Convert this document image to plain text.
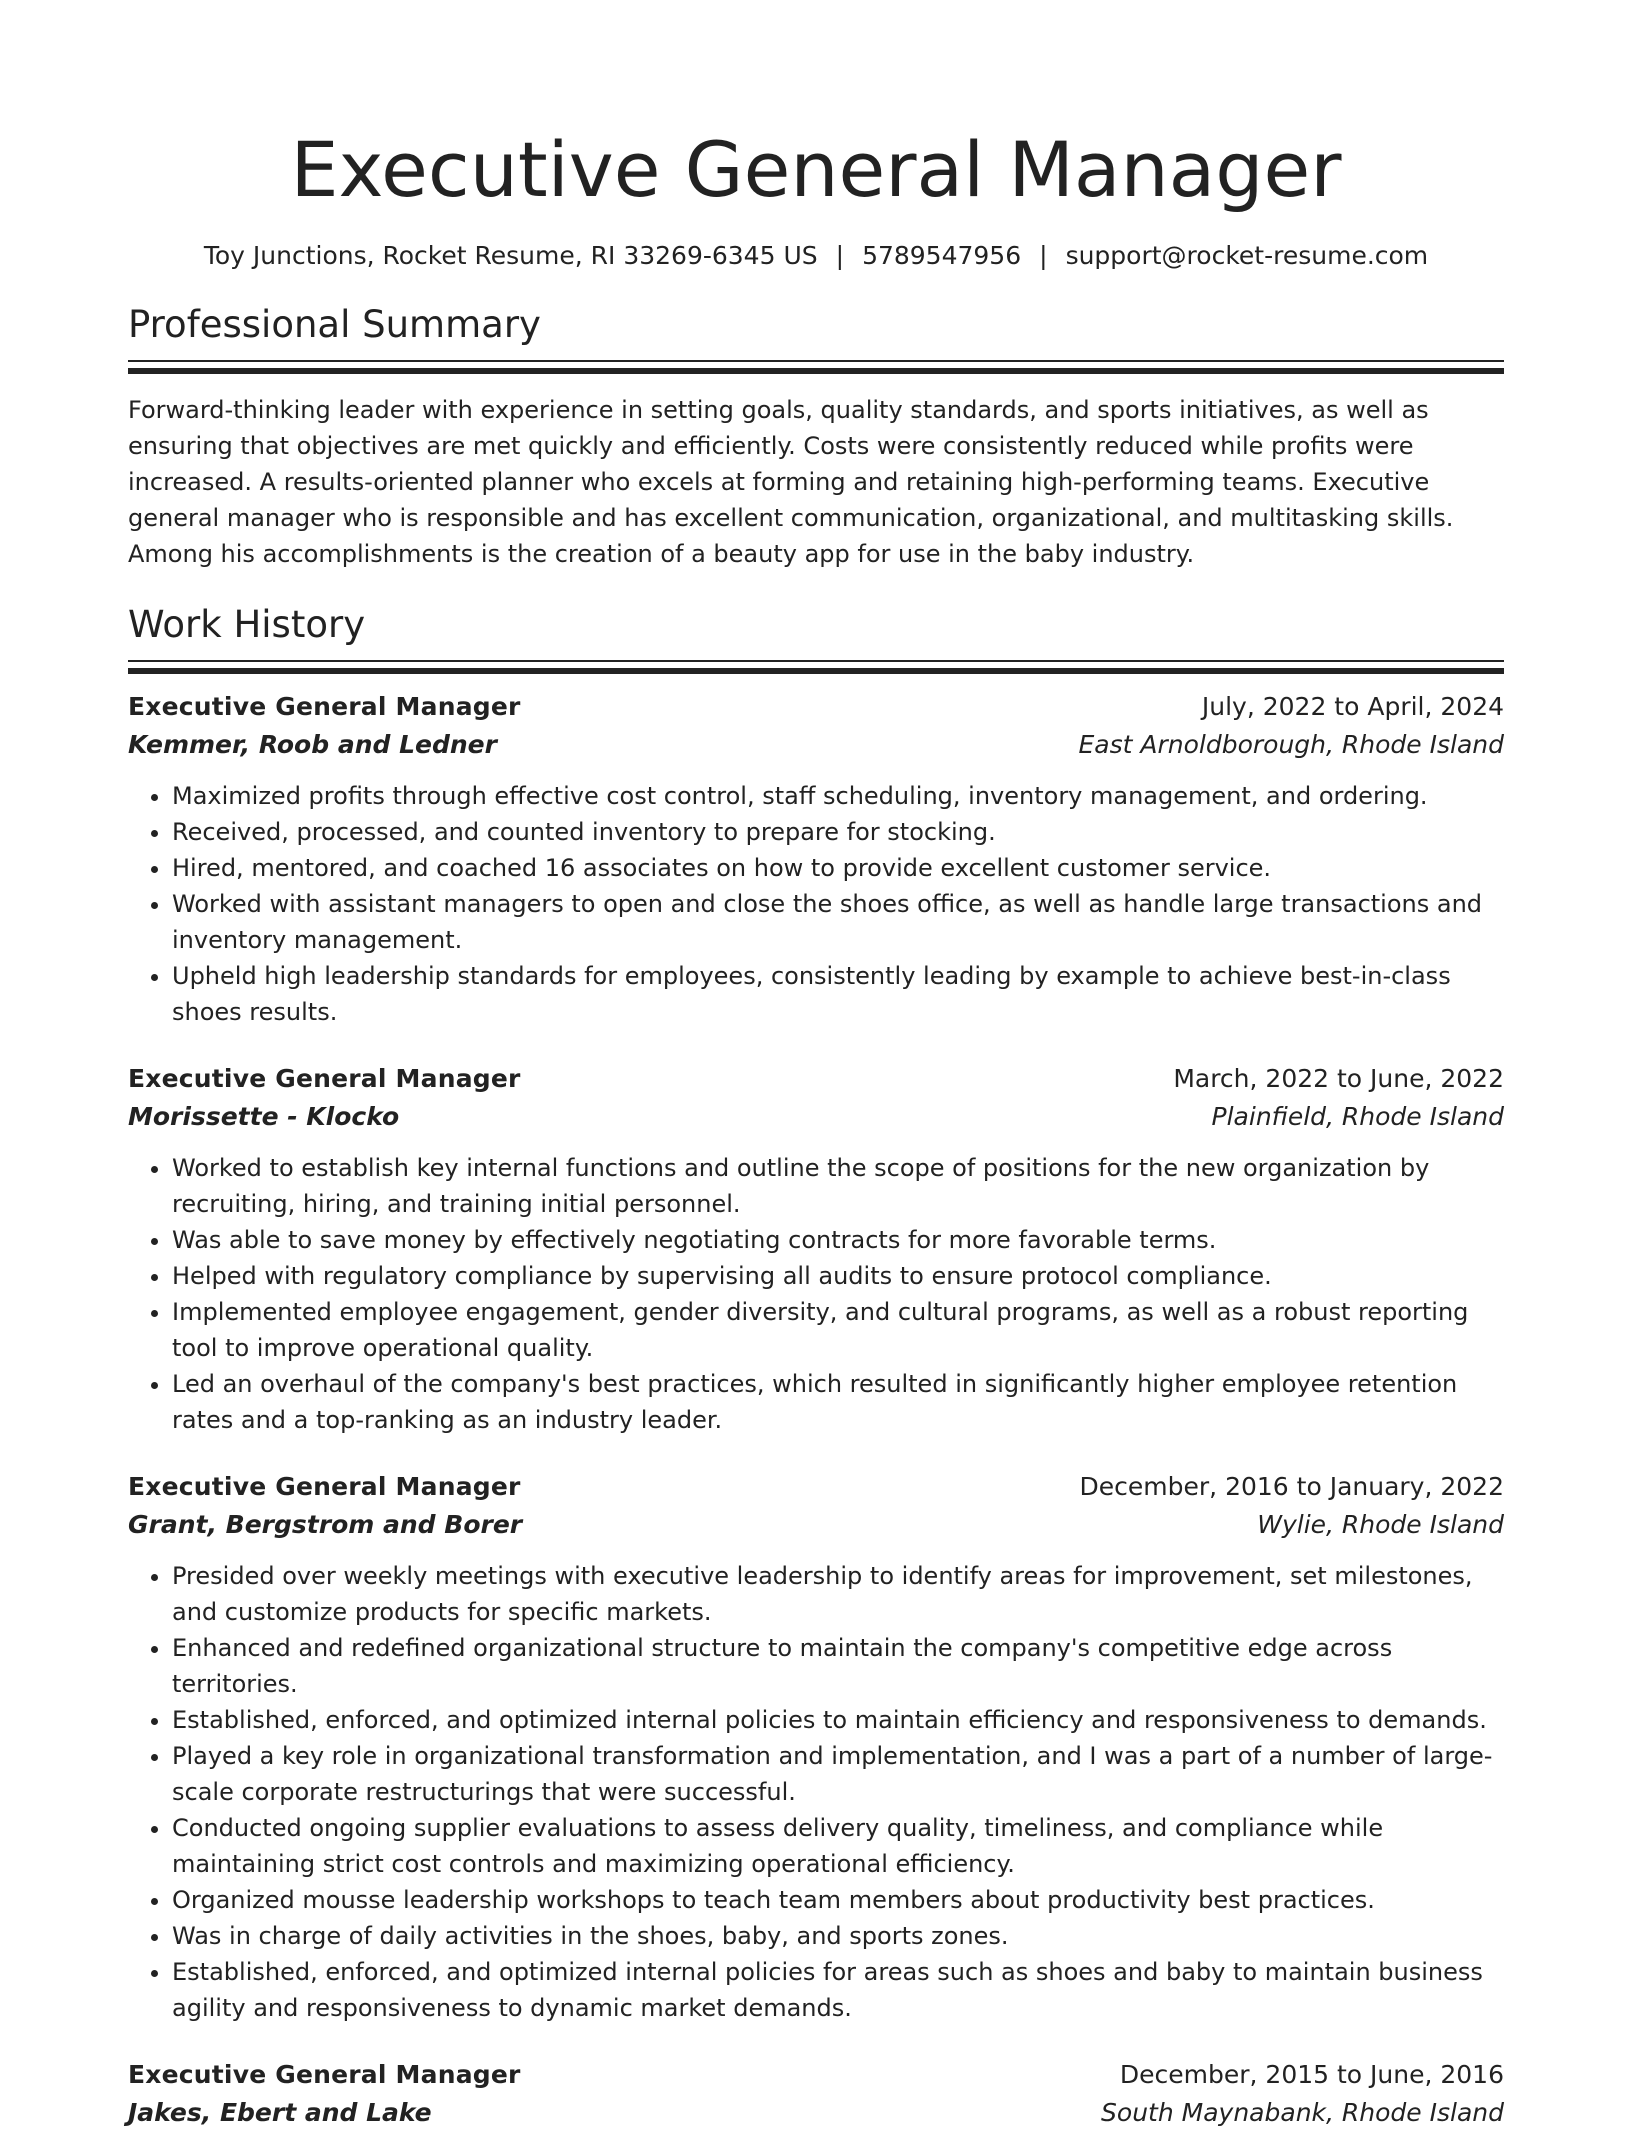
Executive General Manager
Toy Junctions, Rocket Resume, RI 33269-6345 US | 5789547956 | support@rocket-resume.com
Professional Summary

Forward-thinking leader with experience in setting goals, quality standards, and sports initiatives, as well as ensuring that objectives are met quickly and efficiently. Costs were consistently reduced while profits were increased. A results-oriented planner who excels at forming and retaining high-performing teams. Executive general manager who is responsible and has excellent communication, organizational, and multitasking skills. Among his accomplishments is the creation of a beauty app for use in the baby industry.

Work History
Executive General Manager	July, 2022 to April, 2024
Kemmer, Roob and Ledner	East Arnoldborough, Rhode Island
• Maximized profits through effective cost control, staff scheduling, inventory management, and ordering.
• Received, processed, and counted inventory to prepare for stocking.
• Hired, mentored, and coached 16 associates on how to provide excellent customer service.
• Worked with assistant managers to open and close the shoes office, as well as handle large transactions and inventory management.
• Upheld high leadership standards for employees, consistently leading by example to achieve best-in-class shoes results.
Executive General Manager	March, 2022 to June, 2022
Morissette - Klocko	Plainfield, Rhode Island
• Worked to establish key internal functions and outline the scope of positions for the new organization by recruiting, hiring, and training initial personnel.
• Was able to save money by effectively negotiating contracts for more favorable terms.
• Helped with regulatory compliance by supervising all audits to ensure protocol compliance.
• Implemented employee engagement, gender diversity, and cultural programs, as well as a robust reporting tool to improve operational quality.
• Led an overhaul of the company's best practices, which resulted in significantly higher employee retention rates and a top-ranking as an industry leader.
Executive General Manager	December, 2016 to January, 2022
Grant, Bergstrom and Borer	Wylie, Rhode Island
• Presided over weekly meetings with executive leadership to identify areas for improvement, set milestones, and customize products for specific markets.
• Enhanced and redefined organizational structure to maintain the company's competitive edge across territories.
• Established, enforced, and optimized internal policies to maintain efficiency and responsiveness to demands.
• Played a key role in organizational transformation and implementation, and I was a part of a number of large-scale corporate restructurings that were successful.
• Conducted ongoing supplier evaluations to assess delivery quality, timeliness, and compliance while maintaining strict cost controls and maximizing operational efficiency.
• Organized mousse leadership workshops to teach team members about productivity best practices.
• Was in charge of daily activities in the shoes, baby, and sports zones.
• Established, enforced, and optimized internal policies for areas such as shoes and baby to maintain business agility and responsiveness to dynamic market demands.
Executive General Manager	December, 2015 to June, 2016
Jakes, Ebert and Lake	South Maynabank, Rhode Island
